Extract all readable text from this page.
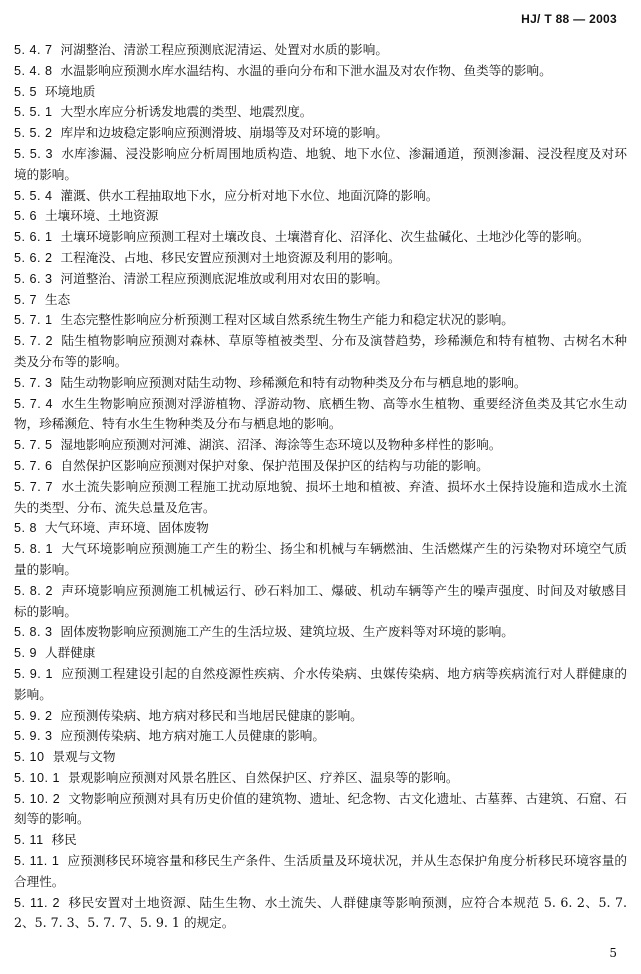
HJ/ T 88 — 2003
5. 4. 7 河湖整治、清淤工程应预测底泥清运、处置对水质的影响。
5. 4. 8 水温影响应预测水库水温结构、水温的垂向分布和下泄水温及对农作物、鱼类等的影响。
5. 5 环境地质
5. 5. 1 大型水库应分析诱发地震的类型、地震烈度。
5. 5. 2 库岸和边坡稳定影响应预测滑坡、崩塌等及对环境的影响。
5. 5. 3 水库渗漏、浸没影响应分析周围地质构造、地貌、地下水位、渗漏通道，预测渗漏、浸没程度及对环境的影响。
5. 5. 4 灌溉、供水工程抽取地下水，应分析对地下水位、地面沉降的影响。
5. 6 土壤环境、土地资源
5. 6. 1 土壤环境影响应预测工程对土壤改良、土壤潜育化、沼泽化、次生盐碱化、土地沙化等的影响。
5. 6. 2 工程淹没、占地、移民安置应预测对土地资源及利用的影响。
5. 6. 3 河道整治、清淤工程应预测底泥堆放或利用对农田的影响。
5. 7 生态
5. 7. 1 生态完整性影响应分析预测工程对区域自然系统生物生产能力和稳定状况的影响。
5. 7. 2 陆生植物影响应预测对森林、草原等植被类型、分布及演替趋势，珍稀濒危和特有植物、古树名木种类及分布等的影响。
5. 7. 3 陆生动物影响应预测对陆生动物、珍稀濒危和特有动物种类及分布与栖息地的影响。
5. 7. 4 水生生物影响应预测对浮游植物、浮游动物、底栖生物、高等水生植物、重要经济鱼类及其它水生动物，珍稀濒危、特有水生生物种类及分布与栖息地的影响。
5. 7. 5 湿地影响应预测对河滩、湖滨、沼泽、海涂等生态环境以及物种多样性的影响。
5. 7. 6 自然保护区影响应预测对保护对象、保护范围及保护区的结构与功能的影响。
5. 7. 7 水土流失影响应预测工程施工扰动原地貌、损坏土地和植被、弃渣、损坏水土保持设施和造成水土流失的类型、分布、流失总量及危害。
5. 8 大气环境、声环境、固体废物
5. 8. 1 大气环境影响应预测施工产生的粉尘、扬尘和机械与车辆燃油、生活燃煤产生的污染物对环境空气质量的影响。
5. 8. 2 声环境影响应预测施工机械运行、砂石料加工、爆破、机动车辆等产生的噪声强度、时间及对敏感目标的影响。
5. 8. 3 固体废物影响应预测施工产生的生活垃圾、建筑垃圾、生产废料等对环境的影响。
5. 9 人群健康
5. 9. 1 应预测工程建设引起的自然疫源性疾病、介水传染病、虫媒传染病、地方病等疾病流行对人群健康的影响。
5. 9. 2 应预测传染病、地方病对移民和当地居民健康的影响。
5. 9. 3 应预测传染病、地方病对施工人员健康的影响。
5. 10 景观与文物
5. 10. 1 景观影响应预测对风景名胜区、自然保护区、疗养区、温泉等的影响。
5. 10. 2 文物影响应预测对具有历史价值的建筑物、遗址、纪念物、古文化遗址、古墓葬、古建筑、石窟、石刻等的影响。
5. 11 移民
5. 11. 1 应预测移民环境容量和移民生产条件、生活质量及环境状况，并从生态保护角度分析移民环境容量的合理性。
5. 11. 2 移民安置对土地资源、陆生生物、水土流失、人群健康等影响预测，应符合本规范 5. 6. 2、5. 7. 2、5. 7. 3、5. 7. 7、5. 9. 1 的规定。
5
